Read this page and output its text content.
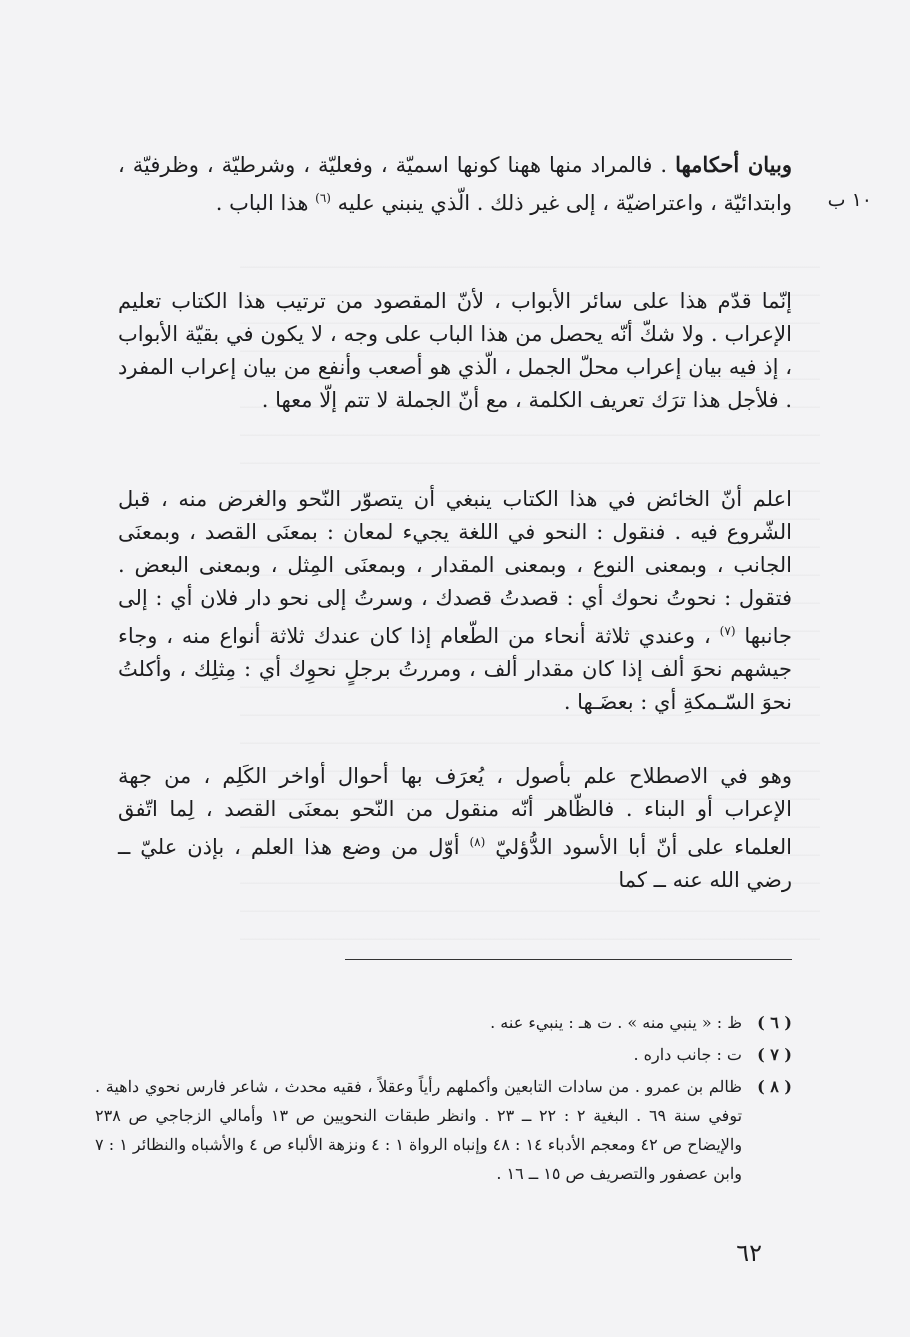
١٠ ب
وبيان أحكامها . فالمراد منها ههنا كونها اسميّة ، وفعليّة ، وشرطيّة ، وظرفيّة ، وابتدائيّة ، واعتراضيّة ، إلى غير ذلك . الّذي ينبني عليه $^{(٦)}$ هذا الباب .
إنّما قدّم هذا على سائر الأبواب ، لأنّ المقصود من ترتيب هذا الكتاب تعليم الإعراب . ولا شكّ أنّه يحصل من هذا الباب على وجه ، لا يكون في بقيّة الأبواب ، إذ فيه بيان إعراب محلّ الجمل ، الّذي هو أصعب وأنفع من بيان إعراب المفرد . فلأجل هذا ترَك تعريف الكلمة ، مع أنّ الجملة لا تتم إلّا معها .
اعلم أنّ الخائض في هذا الكتاب ينبغي أن يتصوّر النّحو والغرض منه ، قبل الشّروع فيه . فنقول : النحو في اللغة يجيء لمعان : بمعنَى القصد ، وبمعنَى الجانب ، وبمعنى النوع ، وبمعنى المقدار ، وبمعنَى المِثل ، وبمعنى البعض . فتقول : نحوتُ نحوك أي : قصدتُ قصدك ، وسرتُ إلى نحو دار فلان أي : إلى جانبها $^{(٧)}$ ، وعندي ثلاثة أنحاء من الطّعام إذا كان عندك ثلاثة أنواع منه ، وجاء جيشهم نحوَ ألف إذا كان مقدار ألف ، ومررتُ برجلٍ نحوِك أي : مِثلِك ، وأكلتُ نحوَ السّـمكةِ أي : بعضَـها .
وهو في الاصطلاح علم بأصول ، يُعرَف بها أحوال أواخر الكَلِم ، من جهة الإعراب أو البناء . فالظّاهر أنّه منقول من النّحو بمعنَى القصد ، لِما اتّفق العلماء على أنّ أبا الأسود الدُّؤليّ $^{(٨)}$ أوّل من وضع هذا العلم ، بإذن عليّ ــ رضي الله عنه ــ كما
( ٦ )
ظ : « ينبي منه » . ت هـ : ينبيء عنه .
( ٧ )
ت : جانب داره .
( ٨ )
ظالم بن عمرو . من سادات التابعين وأكملهم رأياً وعقلاً ، فقيه محدث ، شاعر فارس نحوي داهية . توفي سنة ٦٩ . البغية ٢ : ٢٢ ــ ٢٣ . وانظر طبقات النحويين ص ١٣ وأمالي الزجاجي ص ٢٣٨ والإيضاح ص ٤٢ ومعجم الأدباء ١٤ : ٤٨ وإنباه الرواة ١ : ٤ ونزهة الألباء ص ٤ والأشباه والنظائر ١ : ٧ وابن عصفور والتصريف ص ١٥ ــ ١٦ .
٦٢
